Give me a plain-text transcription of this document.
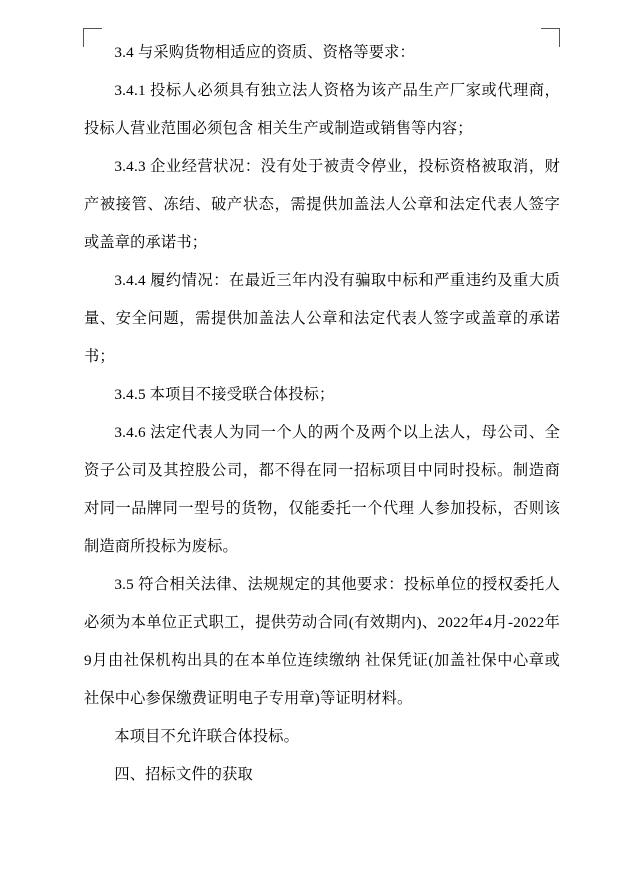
3.4 与采购货物相适应的资质、资格等要求：

3.4.1 投标人必须具有独立法人资格为该产品生产厂家或代理商，投标人营业范围必须包含 相关生产或制造或销售等内容；

3.4.3 企业经营状况：没有处于被责令停业，投标资格被取消，财产被接管、冻结、破产状态，需提供加盖法人公章和法定代表人签字或盖章的承诺书；

3.4.4 履约情况：在最近三年内没有骗取中标和严重违约及重大质量、安全问题，需提供加盖法人公章和法定代表人签字或盖章的承诺书；

3.4.5 本项目不接受联合体投标；

3.4.6 法定代表人为同一个人的两个及两个以上法人，母公司、全资子公司及其控股公司，都不得在同一招标项目中同时投标。制造商对同一品牌同一型号的货物，仅能委托一个代理 人参加投标，否则该制造商所投标为废标。

3.5 符合相关法律、法规规定的其他要求：投标单位的授权委托人必须为本单位正式职工，提供劳动合同(有效期内)、2022年4月-2022年9月由社保机构出具的在本单位连续缴纳 社保凭证(加盖社保中心章或社保中心参保缴费证明电子专用章)等证明材料。

本项目不允许联合体投标。

四、招标文件的获取
